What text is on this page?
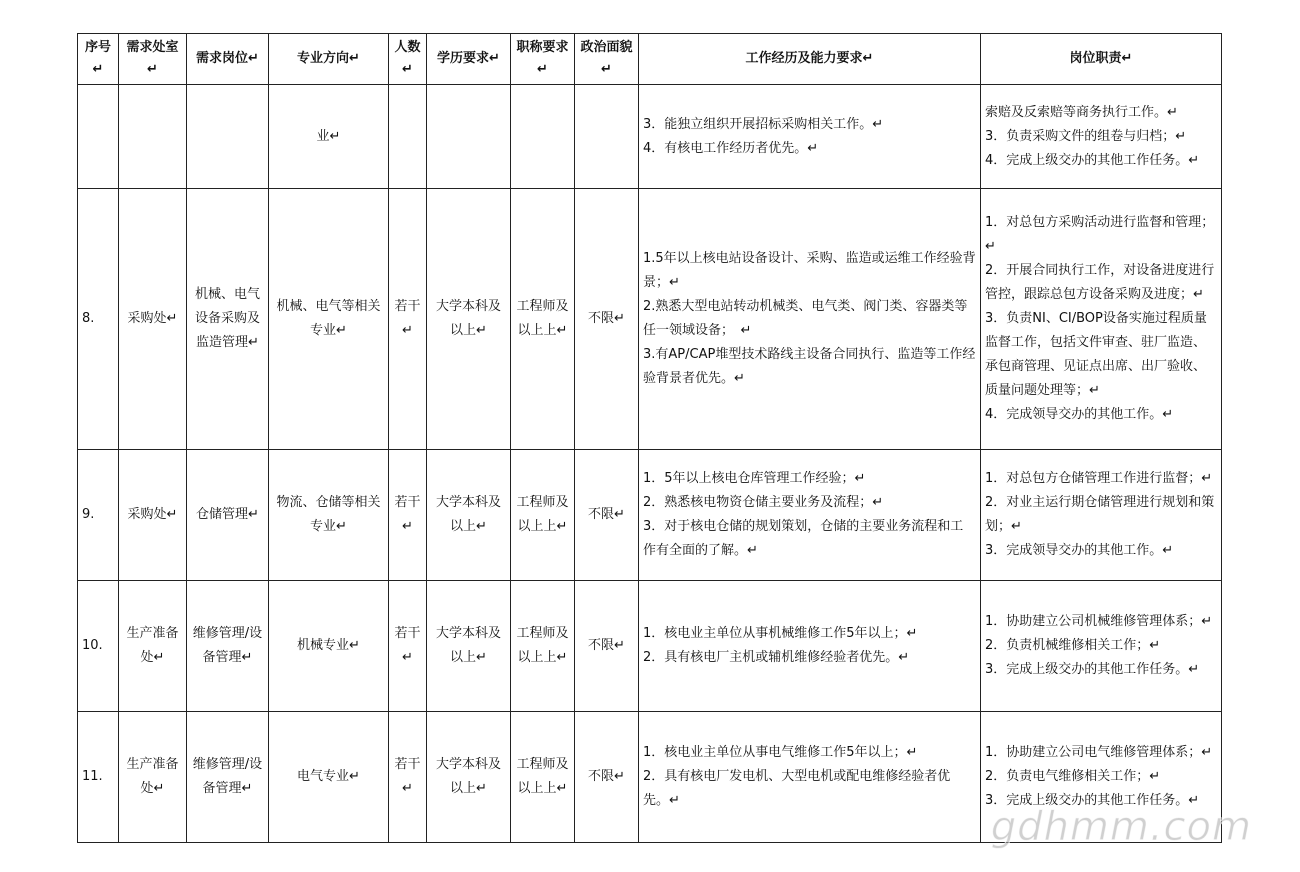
序号↵	需求处室↵	需求岗位↵	专业方向↵	人数↵	学历要求↵	职称要求↵	政治面貌↵	工作经历及能力要求↵	岗位职责↵
			业↵					3．能独立组织开展招标采购相关工作。↵
4．有核电工作经历者优先。↵	索赔及反索赔等商务执行工作。↵
3．负责采购文件的组卷与归档；↵
4．完成上级交办的其他工作任务。↵

8.	采购处↵	机械、电气设备采购及监造管理↵	机械、电气等相关专业↵	若干↵	大学本科及以上↵	工程师及以上上↵	不限↵	1.5年以上核电站设备设计、采购、监造或运维工作经验背景；↵
2.熟悉大型电站转动机械类、电气类、阀门类、容器类等任一领域设备；　↵
3.有AP/CAP堆型技术路线主设备合同执行、监造等工作经验背景者优先。↵	1．对总包方采购活动进行监督和管理；↵
2．开展合同执行工作，对设备进度进行管控，跟踪总包方设备采购及进度；↵
3．负责NI、CI/BOP设备实施过程质量监督工作，包括文件审查、驻厂监造、承包商管理、见证点出席、出厂验收、质量问题处理等；↵
4．完成领导交办的其他工作。↵

9.	采购处↵	仓储管理↵	物流、仓储等相关专业↵	若干↵	大学本科及以上↵	工程师及以上上↵	不限↵	1．5年以上核电仓库管理工作经验；↵
2．熟悉核电物资仓储主要业务及流程；↵
3．对于核电仓储的规划策划，仓储的主要业务流程和工作有全面的了解。↵	1．对总包方仓储管理工作进行监督；↵
2．对业主运行期仓储管理进行规划和策划；↵
3．完成领导交办的其他工作。↵

10.	生产准备处↵	维修管理/设备管理↵	机械专业↵	若干↵	大学本科及以上↵	工程师及以上上↵	不限↵	1．核电业主单位从事机械维修工作5年以上；↵
2．具有核电厂主机或辅机维修经验者优先。↵	1．协助建立公司机械维修管理体系；↵
2．负责机械维修相关工作；↵
3．完成上级交办的其他工作任务。↵

11.	生产准备处↵	维修管理/设备管理↵	电气专业↵	若干↵	大学本科及以上↵	工程师及以上上↵	不限↵	1．核电业主单位从事电气维修工作5年以上；↵
2．具有核电厂发电机、大型电机或配电维修经验者优先。↵	1．协助建立公司电气维修管理体系；↵
2．负责电气维修相关工作；↵
3．完成上级交办的其他工作任务。↵
gdhmm.com
